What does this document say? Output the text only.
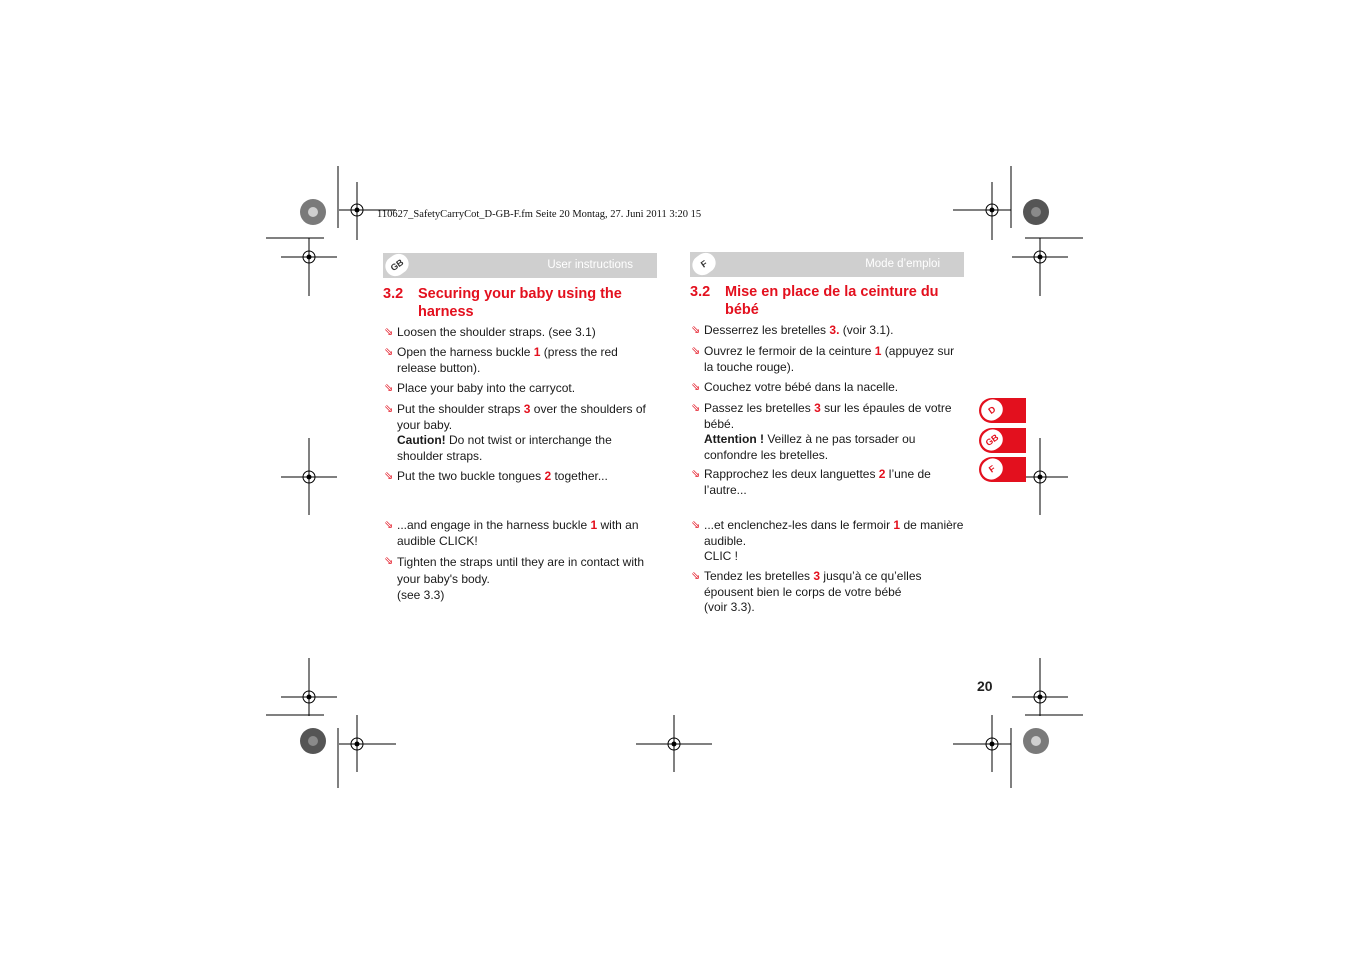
110627_SafetyCarryCot_D-GB-F.fm Seite 20 Montag, 27. Juni 2011 3:20 15
GB	User instructions
3.2 Securing your baby using the harness
⇘ Loosen the shoulder straps. (see 3.1)
⇘ Open the harness buckle 1 (press the red release button).
⇘ Place your baby into the carrycot.
⇘ Put the shoulder straps 3 over the shoulders of your baby.
Caution! Do not twist or interchange the shoulder straps.
⇘ Put the two buckle tongues 2 together...
⇘ ...and engage in the harness buckle 1 with an audible CLICK!
⇘ Tighten the straps until they are in contact with your baby's body.
(see 3.3)
F	Mode d’emploi
3.2 Mise en place de la ceinture du bébé
⇘ Desserrez les bretelles 3. (voir 3.1).
⇘ Ouvrez le fermoir de la ceinture 1 (appuyez sur la touche rouge).
⇘ Couchez votre bébé dans la nacelle.
⇘ Passez les bretelles 3 sur les épaules de votre bébé.
Attention ! Veillez à ne pas torsader ou confondre les bretelles.
⇘ Rapprochez les deux languettes 2 l’une de l’autre...
⇘ ...et enclenchez-les dans le fermoir 1 de manière audible.
CLIC !
⇘ Tendez les bretelles 3 jusqu’à ce qu’elles épousent bien le corps de votre bébé
(voir 3.3).
D
GB
F
20
